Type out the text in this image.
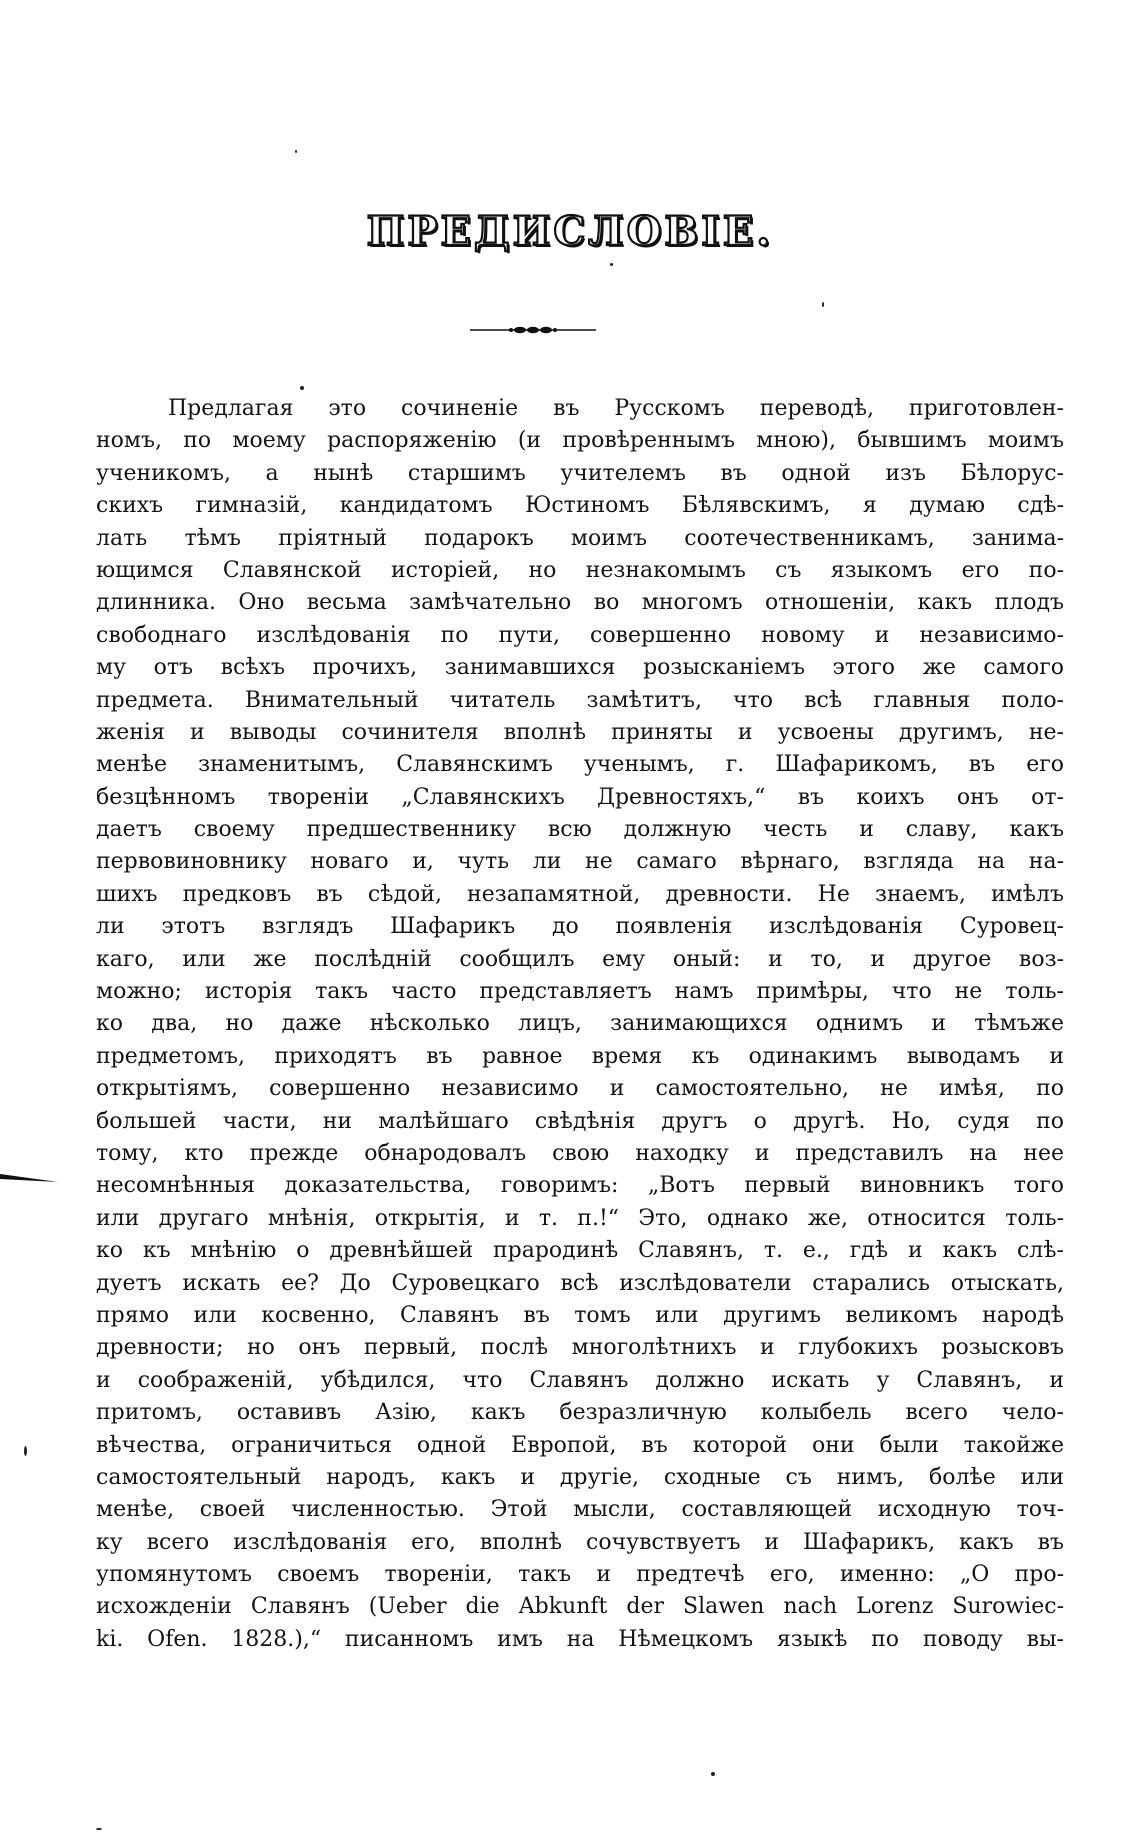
ПРЕДИСЛОВІЕ.
Предлагая это сочиненіе въ Русскомъ переводѣ, приготовлен-
номъ, по моему распоряженію (и провѣреннымъ мною), бывшимъ моимъ
ученикомъ, а нынѣ старшимъ учителемъ въ одной изъ Бѣлорус-
скихъ гимназій, кандидатомъ Юстиномъ Бѣлявскимъ, я думаю сдѣ-
лать тѣмъ пріятный подарокъ моимъ соотечественникамъ, занима-
ющимся Славянской исторіей, но незнакомымъ съ языкомъ его по-
длинника. Оно весьма замѣчательно во многомъ отношеніи, какъ плодъ
свободнаго изслѣдованія по пути, совершенно новому и независимо-
му отъ всѣхъ прочихъ, занимавшихся розысканіемъ этого же самого
предмета. Внимательный читатель замѣтитъ, что всѣ главныя поло-
женія и выводы сочинителя вполнѣ приняты и усвоены другимъ, не-
менѣе знаменитымъ, Славянскимъ ученымъ, г. Шафарикомъ, въ его
безцѣнномъ твореніи „Славянскихъ Древностяхъ,“ въ коихъ онъ от-
даетъ своему предшественнику всю должную честь и славу, какъ
первовиновнику новаго и, чуть ли не самаго вѣрнаго, взгляда на на-
шихъ предковъ въ сѣдой, незапамятной, древности. Не знаемъ, имѣлъ
ли этотъ взглядъ Шафарикъ до появленія изслѣдованія Суровец-
каго, или же послѣдній сообщилъ ему оный: и то, и другое воз-
можно; исторія такъ часто представляетъ намъ примѣры, что не толь-
ко два, но даже нѣсколько лицъ, занимающихся однимъ и тѣмъже
предметомъ, приходятъ въ равное время къ одинакимъ выводамъ и
открытіямъ, совершенно независимо и самостоятельно, не имѣя, по
большей части, ни малѣйшаго свѣдѣнія другъ о другѣ. Но, судя по
тому, кто прежде обнародовалъ свою находку и представилъ на нее
несомнѣнныя доказательства, говоримъ: „Вотъ первый виновникъ того
или другаго мнѣнія, открытія, и т. п.!“ Это, однако же, относится толь-
ко къ мнѣнію о древнѣйшей прародинѣ Славянъ, т. е., гдѣ и какъ слѣ-
дуетъ искать ее? До Суровецкаго всѣ изслѣдователи старались отыскать,
прямо или косвенно, Славянъ въ томъ или другимъ великомъ народѣ
древности; но онъ первый, послѣ многолѣтнихъ и глубокихъ розысковъ
и соображеній, убѣдился, что Славянъ должно искать у Славянъ, и
притомъ, оставивъ Азію, какъ безразличную колыбель всего чело-
вѣчества, ограничиться одной Европой, въ которой они были такойже
самостоятельный народъ, какъ и другіе, сходные съ нимъ, болѣе или
менѣе, своей численностью. Этой мысли, составляющей исходную точ-
ку всего изслѣдованія его, вполнѣ сочувствуетъ и Шафарикъ, какъ въ
упомянутомъ своемъ твореніи, такъ и предтечѣ его, именно: „О про-
исхожденіи Славянъ (Ueber die Abkunft der Slawen nach Lorenz Surowiec-
ki. Ofen. 1828.),“ писанномъ имъ на Нѣмецкомъ языкѣ по поводу вы-
